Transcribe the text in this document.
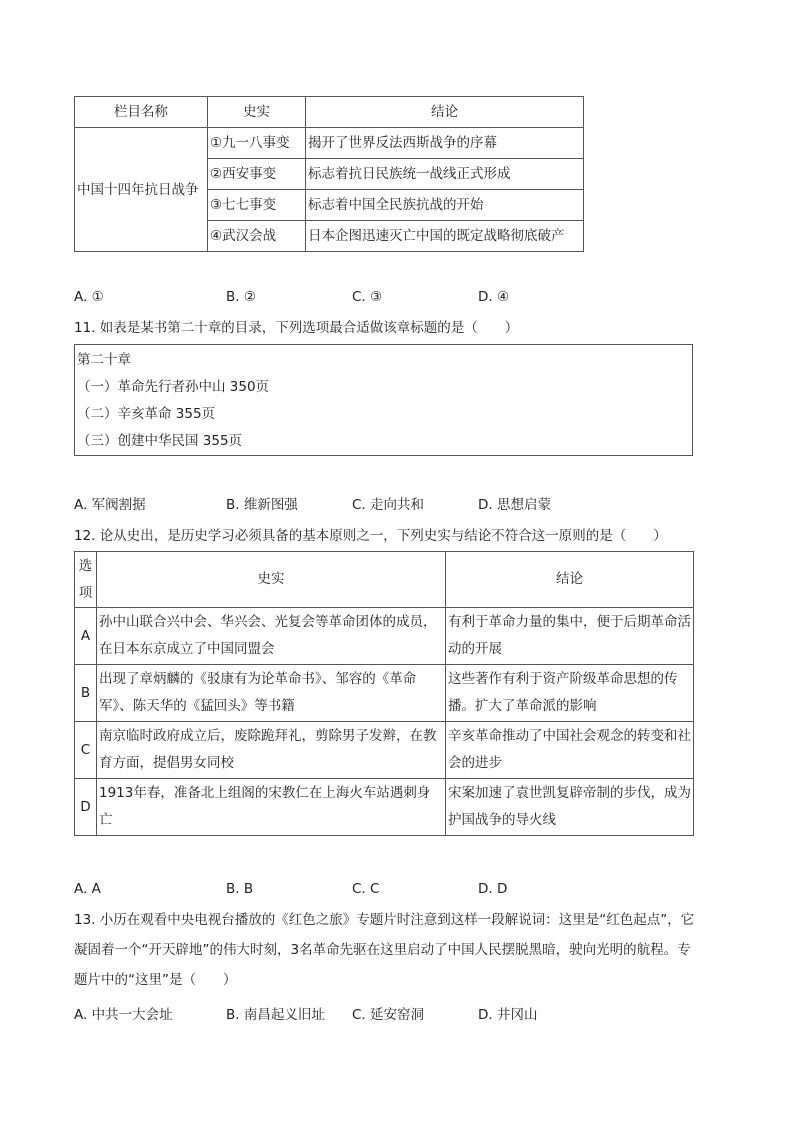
栏目名称	史实	结论
中国十四年抗日战争	①九一八事变	揭开了世界反法西斯战争的序幕
	②西安事变	标志着抗日民族统一战线正式形成
	③七七事变	标志着中国全民族抗战的开始
	④武汉会战	日本企图迅速灭亡中国的既定战略彻底破产
A. ①	B. ②	C. ③	D. ④
11. 如表是某书第二十章的目录，下列选项最合适做该章标题的是（　　）
第二十章
（一）革命先行者孙中山 350页
（二）辛亥革命 355页
（三）创建中华民国 355页
A. 军阀割据	B. 维新图强	C. 走向共和	D. 思想启蒙
12. 论从史出，是历史学习必须具备的基本原则之一，下列史实与结论不符合这一原则的是（　　）
选项	史实	结论
A	孙中山联合兴中会、华兴会、光复会等革命团体的成员，在日本东京成立了中国同盟会	有利于革命力量的集中，便于后期革命活动的开展
B	出现了章炳麟的《驳康有为论革命书》、邹容的《革命军》、陈天华的《猛回头》等书籍	这些著作有利于资产阶级革命思想的传播。扩大了革命派的影响
C	南京临时政府成立后，废除跪拜礼，剪除男子发辫，在教育方面，提倡男女同校	辛亥革命推动了中国社会观念的转变和社会的进步
D	1913年春，准备北上组阁的宋教仁在上海火车站遇刺身亡	宋案加速了袁世凯复辟帝制的步伐，成为护国战争的导火线
A. A	B. B	C. C	D. D
13. 小历在观看中央电视台播放的《红色之旅》专题片时注意到这样一段解说词：这里是“红色起点”，它凝固着一个“开天辟地”的伟大时刻，3名革命先驱在这里启动了中国人民摆脱黑暗，驶向光明的航程。专题片中的“这里”是（　　）
A. 中共一大会址	B. 南昌起义旧址 C. 延安窑洞	D. 井冈山
